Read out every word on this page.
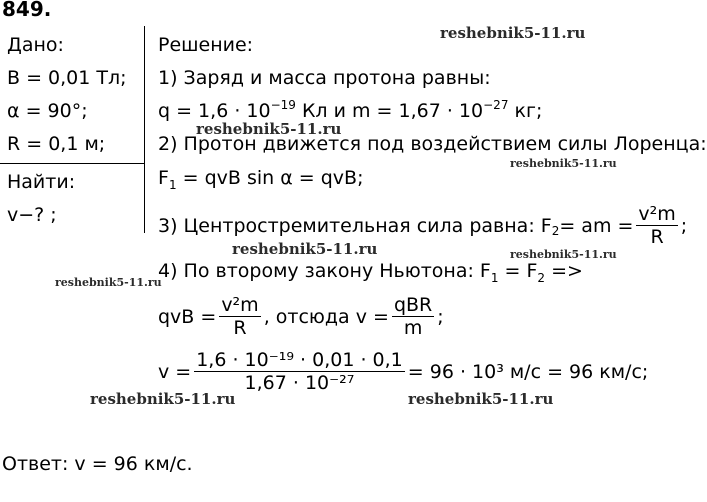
849.
Дано:
B = 0,01 Тл;
α = 90°;
R = 0,1 м;
Найти:
v−? ;
Решение:
1) Заряд и масса протона равны:
$q = 1,6 \cdot 10^{-19}$ Кл и $m = 1,67 \cdot 10^{-27}$ кг;
2) Протон движется под воздействием силы Лоренца:
$F_1$ = qvB sin α = qvB;
3) Центростремительная сила равна: F 2 = am = $\frac{\text{v²m}}{R}$ ;
4) По второму закону Ньютона: $F_1 = F_2$ =>
qvB = $\frac{\text{v²m}}{R}$ , отсюда $v = \frac{\text{qBR}}{m}$ ;
$v = \frac{\text{1,6 · 10⁻¹⁹ · 0,01 · 0,1}}{\text{1,67 · 10⁻²⁷}} = 96 \cdot 10^3$ м/с = 96 км/с;
Ответ: v = 96 км/с.
reshebnik5-11.ru
reshebnik5-11.ru
reshebnik5-11.ru
reshebnik5-11.ru	reshebnik5-11.ru
reshebnik5-11.ru
reshebnik5-11.ru	reshebnik5-11.ru
